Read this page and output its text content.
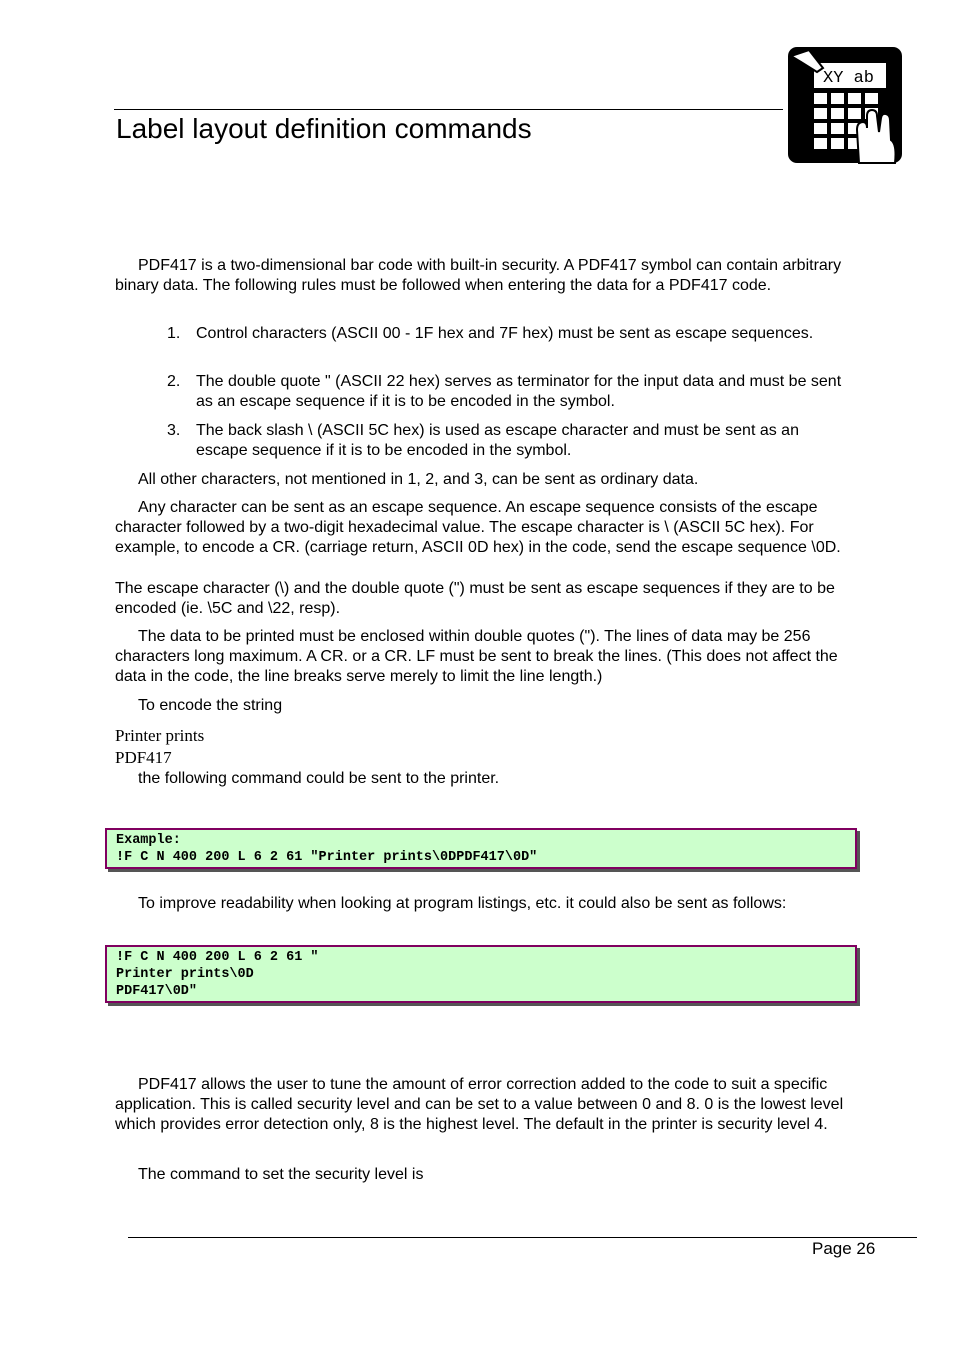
Label layout definition commands
XY ab
PDF417 is a two-dimensional bar code with built-in security. A PDF417 symbol can contain arbitrary binary data. The following rules must be followed when entering the data for a PDF417 code.
1. Control characters (ASCII 00 - 1F hex and 7F hex) must be sent as escape sequences.
2. The double quote " (ASCII 22 hex) serves as terminator for the input data and must be sent as an escape sequence if it is to be encoded in the symbol.
3. The back slash \ (ASCII 5C hex) is used as escape character and must be sent as an escape sequence if it is to be encoded in the symbol.
All other characters, not mentioned in 1, 2, and 3, can be sent as ordinary data.
Any character can be sent as an escape sequence. An escape sequence consists of the escape character followed by a two-digit hexadecimal value. The escape character is \ (ASCII 5C hex). For example, to encode a CR. (carriage return, ASCII 0D hex) in the code, send the escape sequence \0D.
The escape character (\) and the double quote (") must be sent as escape sequences if they are to be encoded (ie. \5C and \22, resp).
The data to be printed must be enclosed within double quotes ("). The lines of data may be 256 characters long maximum. A CR. or a CR. LF must be sent to break the lines. (This does not affect the data in the code, the line breaks serve merely to limit the line length.)
To encode the string
Printer prints
PDF417
the following command could be sent to the printer.
Example:
!F C N 400 200 L 6 2 61 "Printer prints\0DPDF417\0D"
To improve readability when looking at program listings, etc. it could also be sent as follows:
!F C N 400 200 L 6 2 61 "
Printer prints\0D
PDF417\0D"
PDF417 allows the user to tune the amount of error correction added to the code to suit a specific application. This is called security level and can be set to a value between 0 and 8. 0 is the lowest level which provides error detection only, 8 is the highest level. The default in the printer is security level 4.
The command to set the security level is
Page 26
